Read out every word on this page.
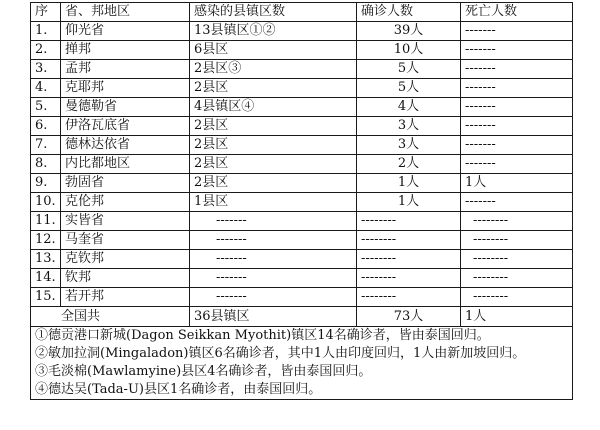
序	省、邦地区	感染的县镇区数	确诊人数	死亡人数
1.	仰光省	13县镇区①②	39人	-------
2.	掸邦	6县区	10人	-------
3.	孟邦	2县区③	5人	-------
4.	克耶邦	2县区	5人	-------
5.	曼德勒省	4县镇区④	4人	-------
6.	伊洛瓦底省	2县区	3人	-------
7.	德林达依省	2县区	3人	-------
8.	内比都地区	2县区	2人	-------
9.	勃固省	2县区	1人	1人
10.	克伦邦	1县区	1人	-------
11.	实皆省	-------	--------	--------
12.	马奎省	-------	--------	--------
13.	克钦邦	-------	--------	--------
14.	钦邦	-------	--------	--------
15.	若开邦	-------	--------	--------
全国共		36县镇区	73人	1人
①德贡港口新城(Dagon Seikkan Myothit)镇区14名确诊者，皆由泰国回归。				
②敏加拉洞(Mingaladon)镇区6名确诊者，其中1人由印度回归，1人由新加坡回归。				
③毛淡棉(Mawlamyine)县区4名确诊者，皆由泰国回归。				
④德达吴(Tada-U)县区1名确诊者，由泰国回归。				
